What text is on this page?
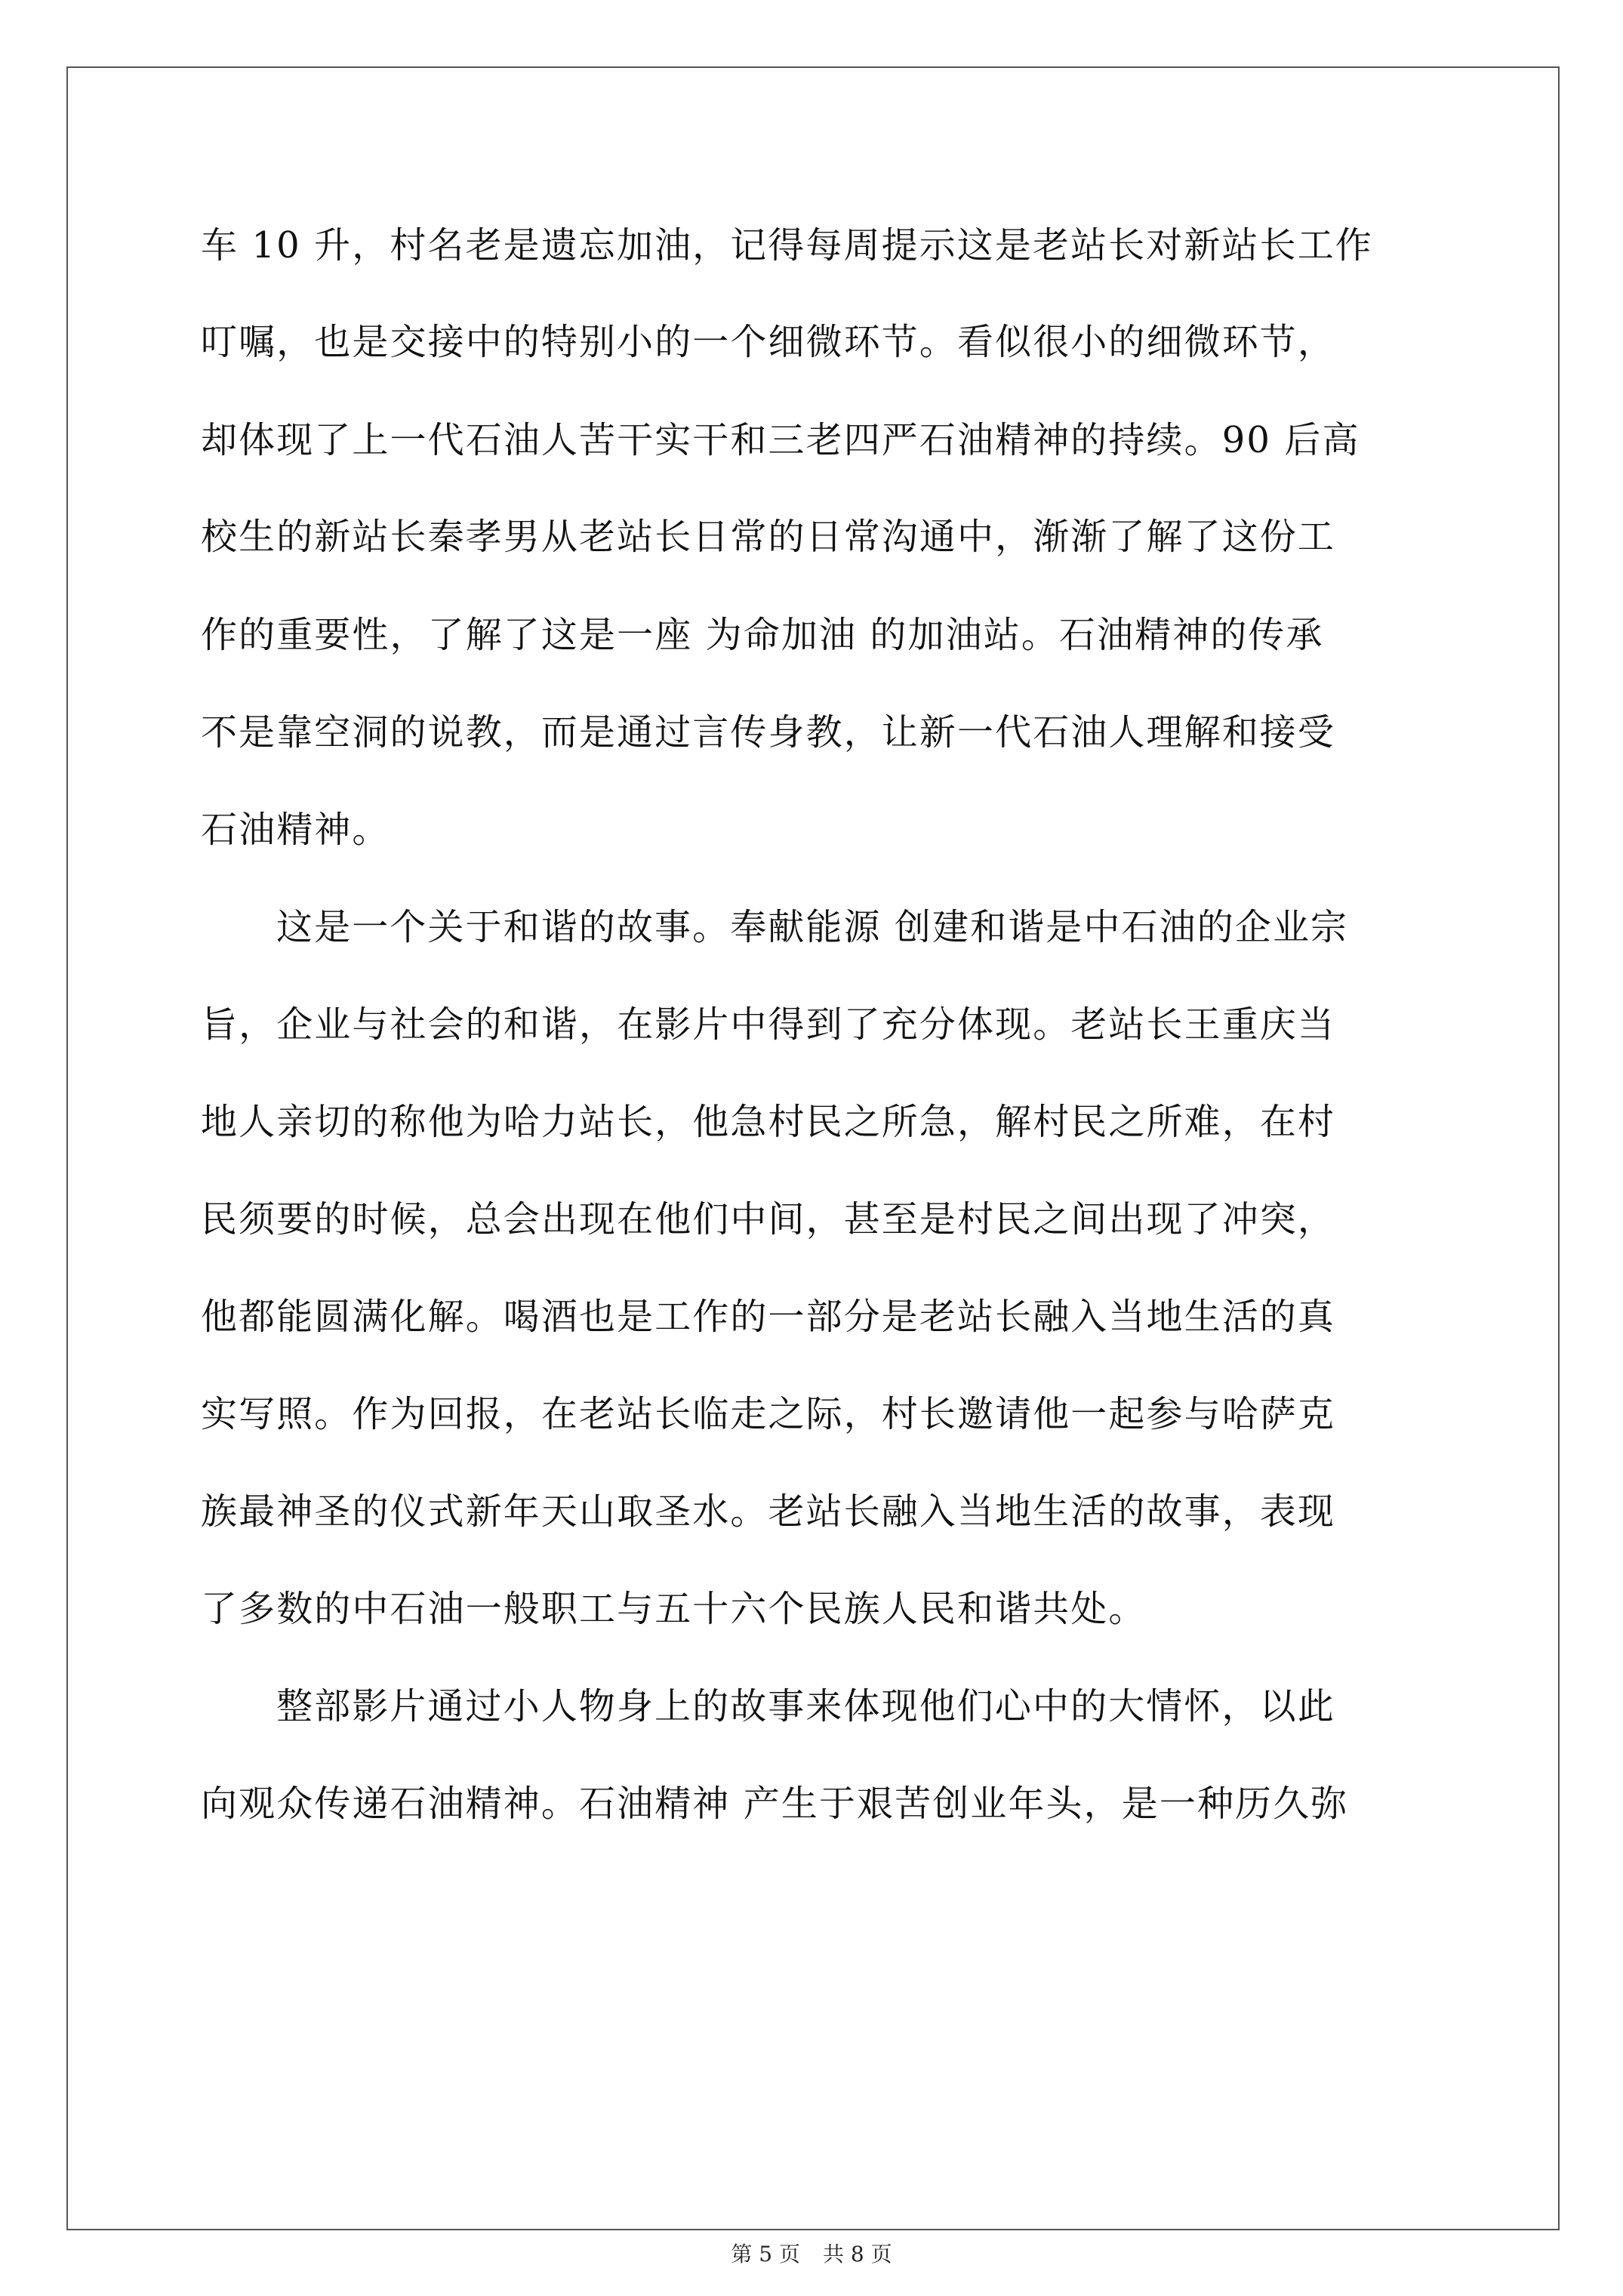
车 10 升，村名老是遗忘加油，记得每周提示这是老站长对新站长工作
叮嘱，也是交接中的特别小的一个细微环节。看似很小的细微环节，
却体现了上一代石油人苦干实干和三老四严石油精神的持续。90 后高
校生的新站长秦孝男从老站长日常的日常沟通中，渐渐了解了这份工
作的重要性，了解了这是一座 为命加油 的加油站。石油精神的传承
不是靠空洞的说教，而是通过言传身教，让新一代石油人理解和接受
石油精神。
这是一个关于和谐的故事。奉献能源 创建和谐是中石油的企业宗
旨，企业与社会的和谐，在影片中得到了充分体现。老站长王重庆当
地人亲切的称他为哈力站长，他急村民之所急，解村民之所难，在村
民须要的时候，总会出现在他们中间，甚至是村民之间出现了冲突，
他都能圆满化解。喝酒也是工作的一部分是老站长融入当地生活的真
实写照。作为回报，在老站长临走之际，村长邀请他一起参与哈萨克
族最神圣的仪式新年天山取圣水。老站长融入当地生活的故事，表现
了多数的中石油一般职工与五十六个民族人民和谐共处。
整部影片通过小人物身上的故事来体现他们心中的大情怀，以此
向观众传递石油精神。石油精神 产生于艰苦创业年头，是一种历久弥
第 5 页 共 8 页
